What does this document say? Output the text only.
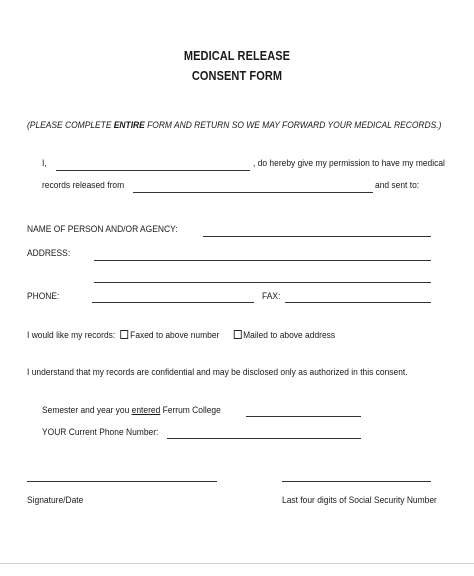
MEDICAL RELEASE
CONSENT FORM
(PLEASE COMPLETE ENTIRE FORM AND RETURN SO WE MAY FORWARD YOUR MEDICAL RECORDS.)
I,	, do hereby give my permission to have my medical
records released from	and sent to:
NAME OF PERSON AND/OR AGENCY:
ADDRESS:
PHONE:	FAX:
I would like my records: Faxed to above number Mailed to above address
I understand that my records are confidential and may be disclosed only as authorized in this consent.
Semester and year you entered Ferrum College
YOUR Current Phone Number:
Signature/Date	Last four digits of Social Security Number
